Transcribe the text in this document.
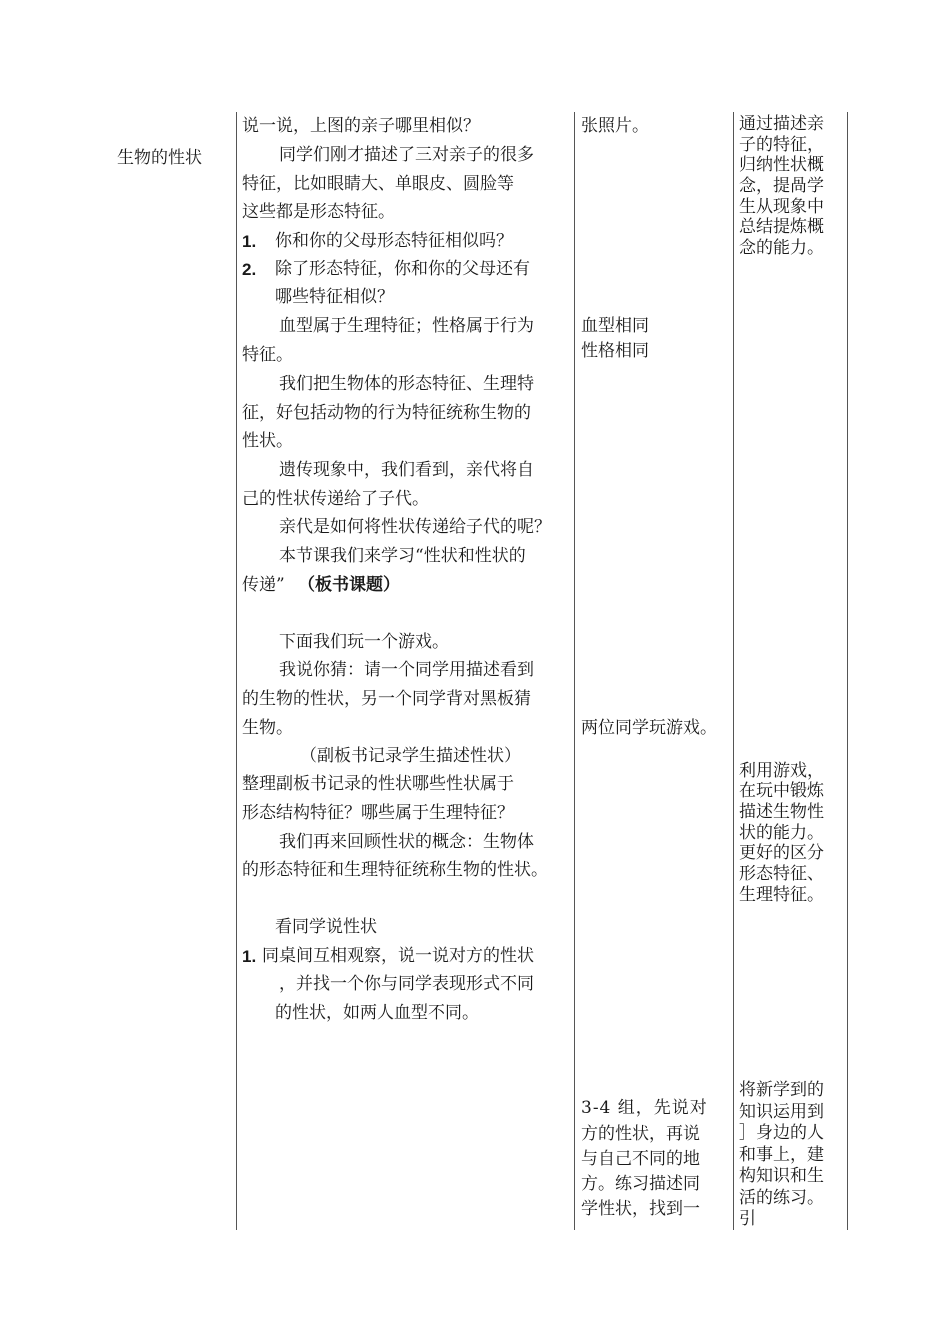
生物的性状
说一说，上图的亲子哪里相似？
同学们刚才描述了三对亲子的很多
特征，比如眼睛大、单眼皮、圆脸等
这些都是形态特征。
1. 你和你的父母形态特征相似吗？
2. 除了形态特征，你和你的父母还有
哪些特征相似？
血型属于生理特征；性格属于行为
特征。
我们把生物体的形态特征、生理特
征，好包括动物的行为特征统称生物的
性状。
遗传现象中，我们看到，亲代将自
己的性状传递给了子代。
亲代是如何将性状传递给子代的呢？
本节课我们来学习“性状和性状的
传递” （板书课题）
下面我们玩一个游戏。
我说你猜：请一个同学用描述看到
的生物的性状，另一个同学背对黑板猜
生物。
（副板书记录学生描述性状）
整理副板书记录的性状哪些性状属于
形态结构特征？哪些属于生理特征？
我们再来回顾性状的概念：生物体
的形态特征和生理特征统称生物的性状。
看同学说性状
1. 同桌间互相观察，说一说对方的性状
，并找一个你与同学表现形式不同
的性状，如两人血型不同。
张照片。
血型相同
性格相同
两位同学玩游戏。
3-4 组，先说对
方的性状，再说
与自己不同的地
方。练习描述同
学性状，找到一
通过描述亲
子的特征，
归纳性状概
念，提咼学
生从现象中
总结提炼概
念的能力。
利用游戏，
在玩中锻炼
描述生物性
状的能力。
更好的区分
形态特征、
生理特征。
将新学到的
知识运用到
］身边的人
和事上，建
构知识和生
活的练习。
引
